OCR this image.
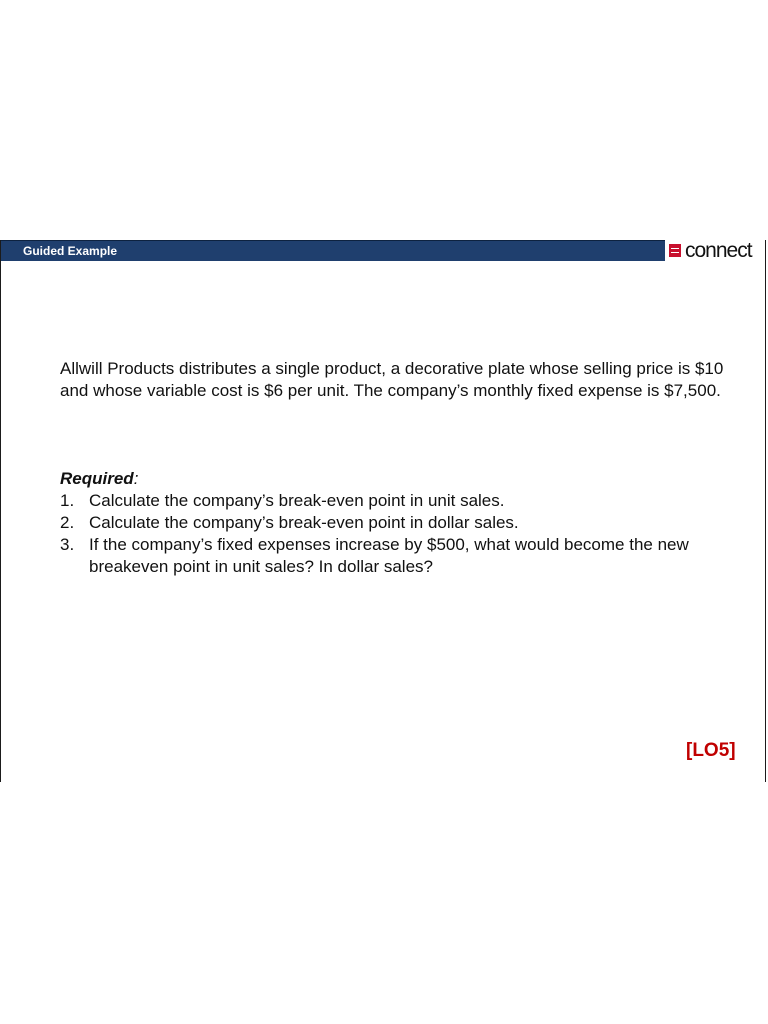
Guided Example	connect

Allwill Products distributes a single product, a decorative plate whose selling price is $10 and whose variable cost is $6 per unit. The company’s monthly fixed expense is $7,500.

Required:

1. Calculate the company’s break-even point in unit sales.
2. Calculate the company’s break-even point in dollar sales.
3. If the company’s fixed expenses increase by $500, what would become the new breakeven point in unit sales? In dollar sales?
[LO5]
